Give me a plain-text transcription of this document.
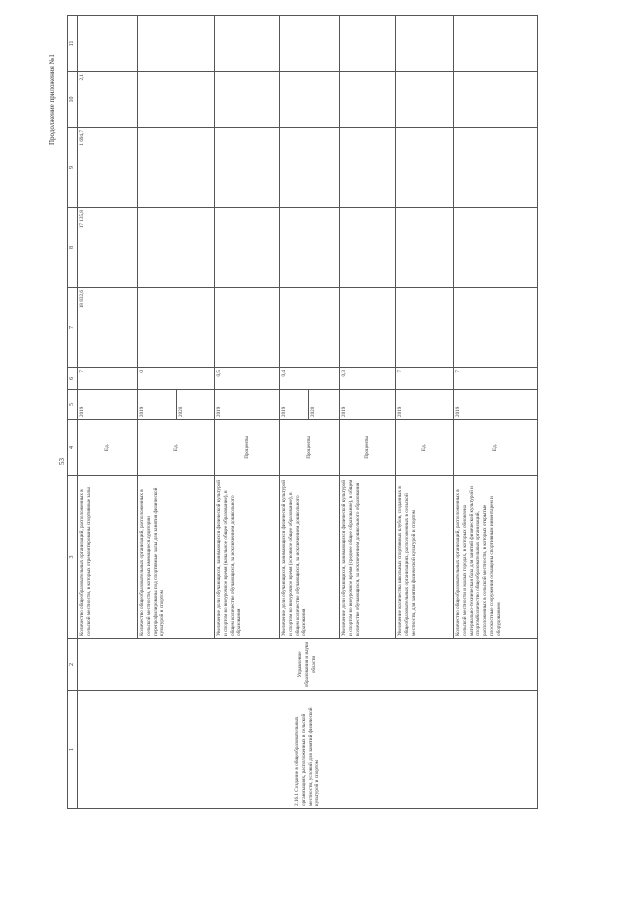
53
Продолжение приложения №1
1	2	3	4	5	6	7	8	9	10	11
2.16.1 Создание в общеобразовательных организациях, расположенных в сельской местности, условий для занятий физической культурой и спортом	Управление образования и науки области	Количество общеобразовательных организаций, расположенных в сельской местности, в которых отремонтированы спортивные залы	Ед.	2019	7	18 832,6	17 135,8	1 694,7	2,1	
		Количество общеобразовательных организаций, расположенных в сельской местности, в которых имеющиеся аудитории перепрофилированы под спортивные залы для занятия физической культурой и спортом	Ед.	2019 2020	0					
		Увеличение доли обучающихся, занимающихся физической культурой и спортом во внеурочное время (начальное общее образование), в общем количестве обучающихся, за исключением дошкольного образования	Проценты	2019	0,5					
		Увеличение доли обучающихся, занимающихся физической культурой и спортом во внеурочное время (основное общее образование), в общем количестве обучающихся, за исключением дошкольного образования	Проценты	2019 2020	0,4					
		Увеличение доли обучающихся, занимающихся физической культурой и спортом во внеурочное время (среднее общее образование), в общем количестве обучающихся, за исключением дошкольного образования	Проценты	2019	0,3					
		Увеличение количества школьных спортивных клубов, созданных в общеобразовательных организациях, расположенных в сельской местности, для занятия физической культурой и спортом	Ед.	2019	7					
		Количество общеобразовательных организаций, расположенных в сельской местности и малых городах, в которых обновлена материально-техническая база для занятий физической культурой и спортомКоличество общеобразовательных организаций, расположенных в сельской местности, в которых открытые плоскостные сооружения оснащены спортивным инвентарем и оборудованием	Ед.	2019	7					
